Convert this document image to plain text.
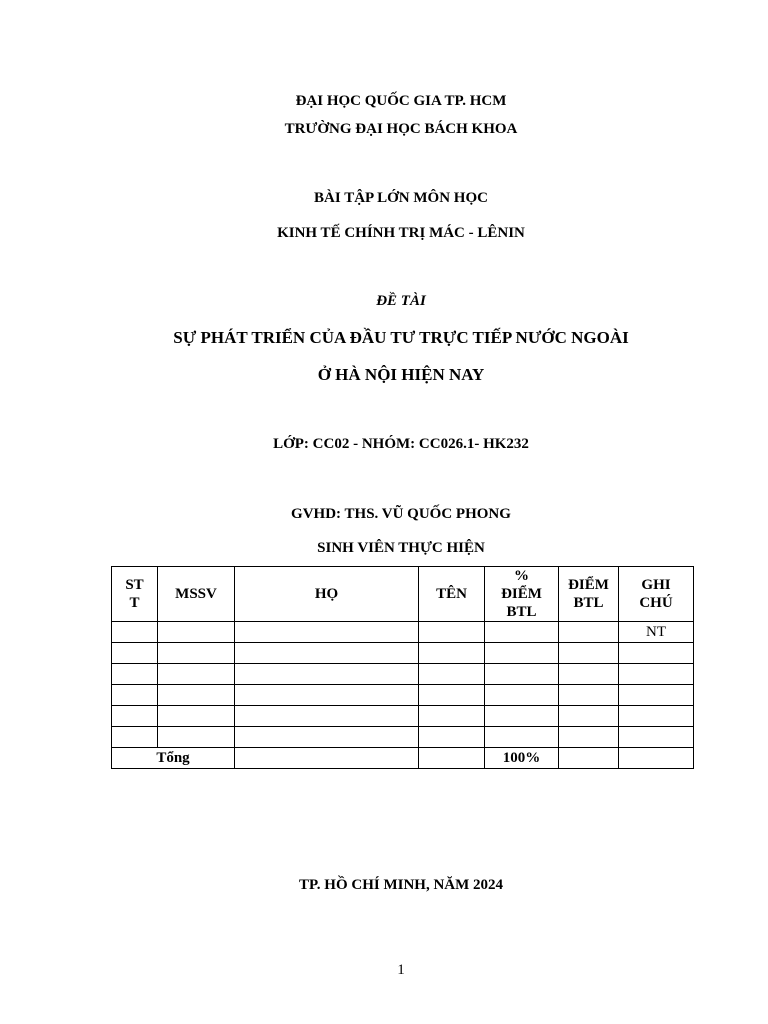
ĐẠI HỌC QUỐC GIA TP. HCM
TRƯỜNG ĐẠI HỌC BÁCH KHOA
BÀI TẬP LỚN MÔN HỌC
KINH TẾ CHÍNH TRỊ MÁC - LÊNIN
ĐỀ TÀI
SỰ PHÁT TRIỂN CỦA ĐẦU TƯ TRỰC TIẾP NƯỚC NGOÀI
Ở HÀ NỘI HIỆN NAY
LỚP: CC02 - NHÓM: CC026.1- HK232
GVHD: THS. VŨ QUỐC PHONG
SINH VIÊN THỰC HIỆN
ST T	MSSV	HỌ	TÊN	% ĐIỂM BTL	ĐIỂM BTL	GHI CHÚ

						NT

Tổng				100%		
TP. HỒ CHÍ MINH, NĂM 2024
1
